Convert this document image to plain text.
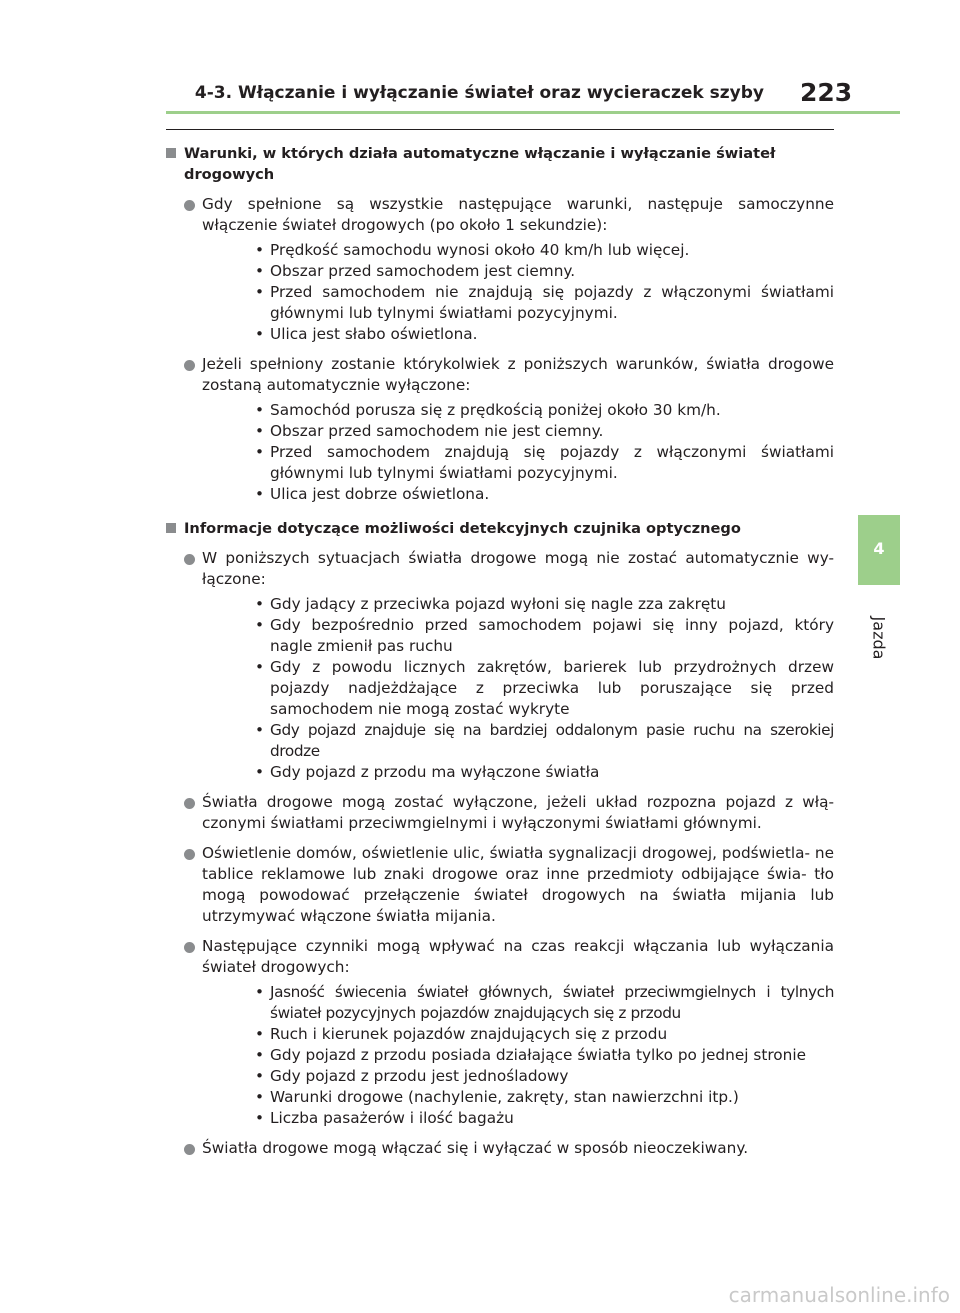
4-3. Włączanie i wyłączanie świateł oraz wycieraczek szyby 223
4
Jazda
Warunki, w których działa automatyczne włączanie i wyłączanie świateł drogowych
Gdy spełnione są wszystkie następujące warunki, następuje samoczynne włączenie świateł drogowych (po około 1 sekundzie):
• Prędkość samochodu wynosi około 40 km/h lub więcej.
• Obszar przed samochodem jest ciemny.
• Przed samochodem nie znajdują się pojazdy z włączonymi światłami głównymi lub tylnymi światłami pozycyjnymi.
• Ulica jest słabo oświetlona.
Jeżeli spełniony zostanie którykolwiek z poniższych warunków, światła drogowe zostaną automatycznie wyłączone:
• Samochód porusza się z prędkością poniżej około 30 km/h.
• Obszar przed samochodem nie jest ciemny.
• Przed samochodem znajdują się pojazdy z włączonymi światłami głównymi lub tylnymi światłami pozycyjnymi.
• Ulica jest dobrze oświetlona.
Informacje dotyczące możliwości detekcyjnych czujnika optycznego
W poniższych sytuacjach światła drogowe mogą nie zostać automatycznie wy- łączone:
• Gdy jadący z przeciwka pojazd wyłoni się nagle zza zakrętu
• Gdy bezpośrednio przed samochodem pojawi się inny pojazd, który nagle zmienił pas ruchu
• Gdy z powodu licznych zakrętów, barierek lub przydrożnych drzew pojazdy nadjeżdżające z przeciwka lub poruszające się przed samochodem nie mogą zostać wykryte
• Gdy pojazd znajduje się na bardziej oddalonym pasie ruchu na szerokiej drodze
• Gdy pojazd z przodu ma wyłączone światła
Światła drogowe mogą zostać wyłączone, jeżeli układ rozpozna pojazd z włą- czonymi światłami przeciwmgielnymi i wyłączonymi światłami głównymi.
Oświetlenie domów, oświetlenie ulic, światła sygnalizacji drogowej, podświetla- ne tablice reklamowe lub znaki drogowe oraz inne przedmioty odbijające świa- tło mogą powodować przełączenie świateł drogowych na światła mijania lub utrzymywać włączone światła mijania.
Następujące czynniki mogą wpływać na czas reakcji włączania lub wyłączania świateł drogowych:
• Jasność świecenia świateł głównych, świateł przeciwmgielnych i tylnych świateł pozycyjnych pojazdów znajdujących się z przodu
• Ruch i kierunek pojazdów znajdujących się z przodu
• Gdy pojazd z przodu posiada działające światła tylko po jednej stronie
• Gdy pojazd z przodu jest jednośladowy
• Warunki drogowe (nachylenie, zakręty, stan nawierzchni itp.)
• Liczba pasażerów i ilość bagażu
Światła drogowe mogą włączać się i wyłączać w sposób nieoczekiwany.
carmanualsonline.info
